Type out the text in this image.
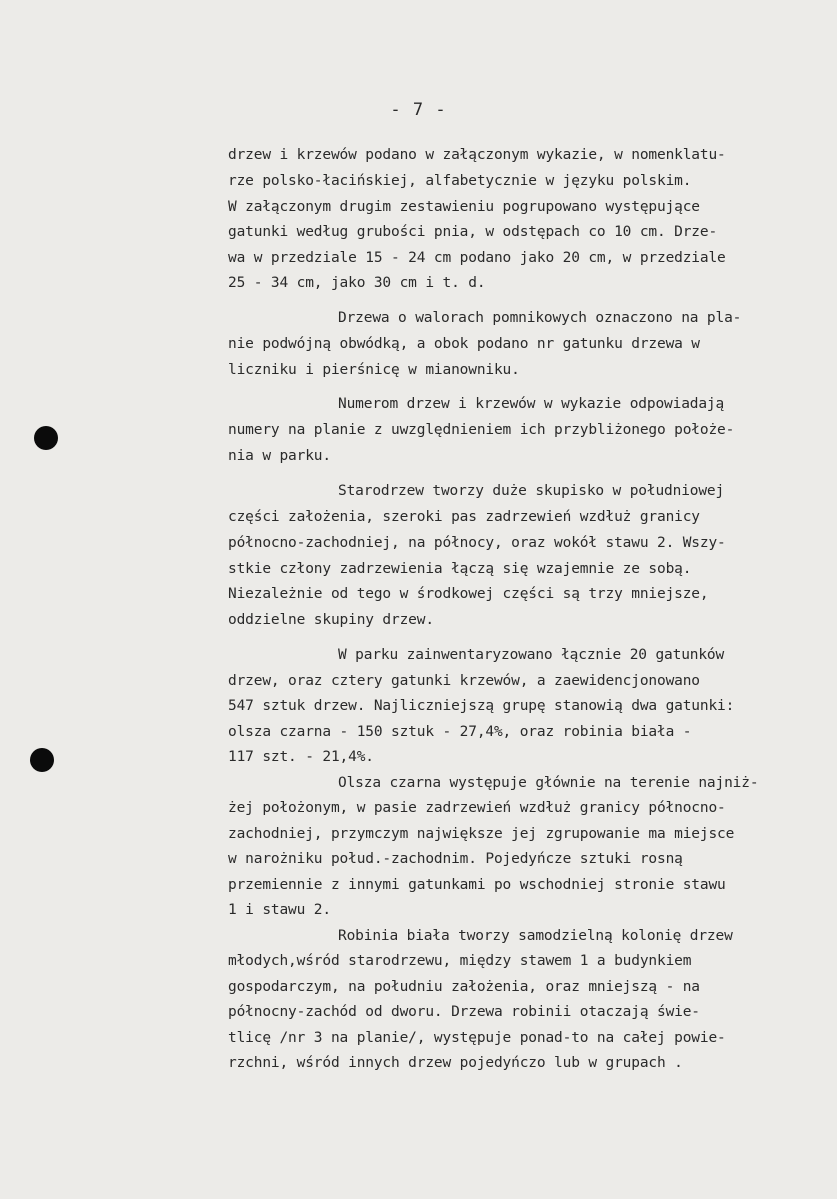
- 7 -
drzew i krzewów podano w załączonym wykazie, w nomenklatu-
rze polsko-łacińskiej, alfabetycznie w języku polskim.
W załączonym drugim zestawieniu pogrupowano występujące
gatunki według grubości pnia, w odstępach co 10 cm. Drze-
wa w przedziale 15 - 24 cm podano jako 20 cm, w przedziale
25 - 34 cm, jako 30 cm i t. d.
Drzewa o walorach pomnikowych oznaczono na pla-
nie podwójną obwódką, a obok podano nr gatunku drzewa w
liczniku i pierśnicę w mianowniku.
Numerom drzew i krzewów w wykazie odpowiadają
numery na planie z uwzględnieniem ich przybliżonego położe-
nia w parku.
Starodrzew tworzy duże skupisko w południowej
części założenia, szeroki pas zadrzewień wzdłuż granicy
północno-zachodniej, na północy, oraz wokół stawu 2. Wszy-
stkie człony zadrzewienia łączą się wzajemnie ze sobą.
Niezależnie od tego w środkowej części są trzy mniejsze,
oddzielne skupiny drzew.
W parku zainwentaryzowano łącznie 20 gatunków
drzew, oraz cztery gatunki krzewów, a zaewidencjonowano
547 sztuk drzew. Najliczniejszą grupę stanowią dwa gatunki:
olsza czarna - 150 sztuk - 27,4%, oraz robinia biała -
117 szt. - 21,4%.
Olsza czarna występuje głównie na terenie najniż-
żej położonym, w pasie zadrzewień wzdłuż granicy północno-
zachodniej, przymczym największe jej zgrupowanie ma miejsce
w narożniku połud.-zachodnim. Pojedyńcze sztuki rosną
przemiennie z innymi gatunkami po wschodniej stronie stawu
1 i stawu 2.
Robinia biała tworzy samodzielną kolonię drzew
młodych,wśród starodrzewu, między stawem 1 a budynkiem
gospodarczym, na południu założenia, oraz mniejszą - na
północny-zachód od dworu. Drzewa robinii otaczają świe-
tlicę /nr 3 na planie/, występuje ponad-to na całej powie-
rzchni, wśród innych drzew pojedyńczo lub w grupach .
